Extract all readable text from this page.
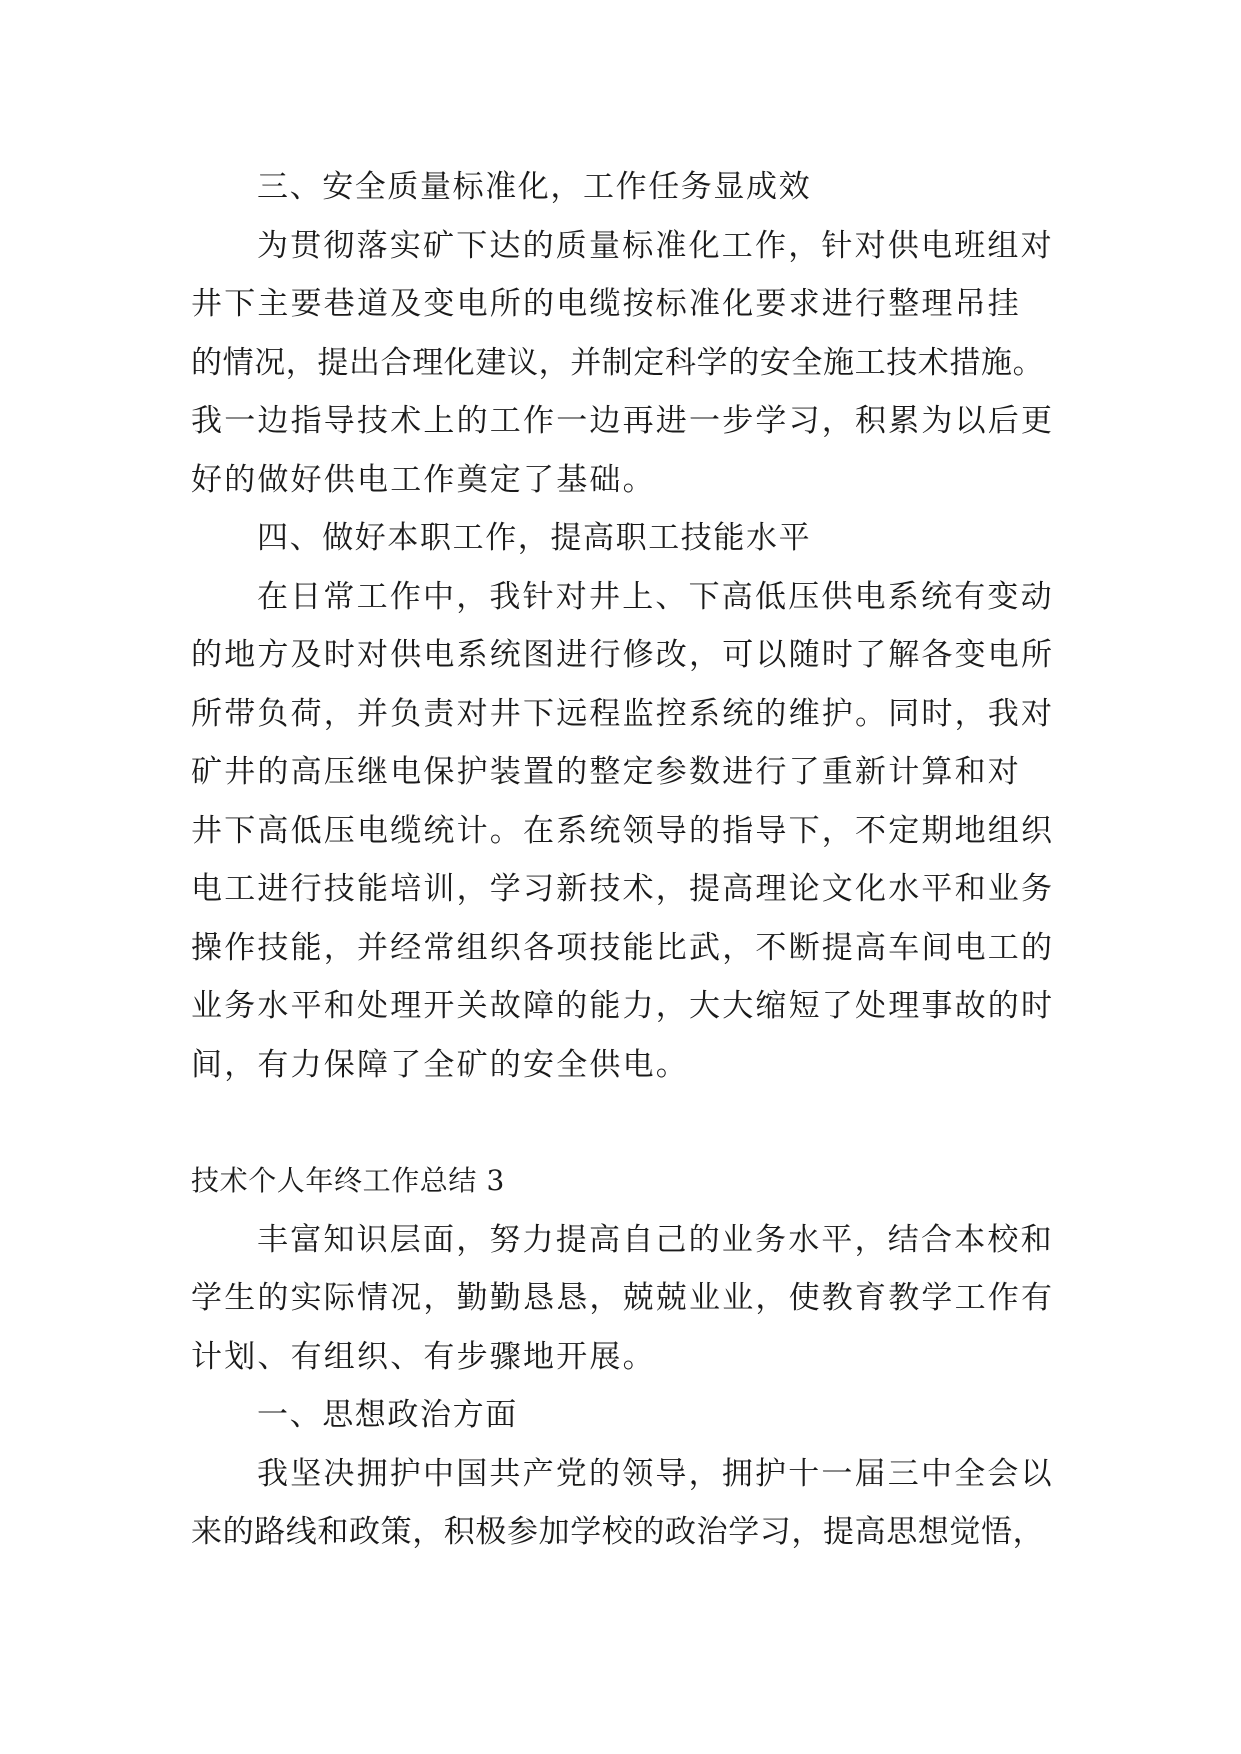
三、安全质量标准化，工作任务显成效
为贯彻落实矿下达的质量标准化工作，针对供电班组对
井下主要巷道及变电所的电缆按标准化要求进行整理吊挂
的情况，提出合理化建议，并制定科学的安全施工技术措施。
我一边指导技术上的工作一边再进一步学习，积累为以后更
好的做好供电工作奠定了基础。
四、做好本职工作，提高职工技能水平
在日常工作中，我针对井上、下高低压供电系统有变动
的地方及时对供电系统图进行修改，可以随时了解各变电所
所带负荷，并负责对井下远程监控系统的维护。同时，我对
矿井的高压继电保护装置的整定参数进行了重新计算和对
井下高低压电缆统计。在系统领导的指导下，不定期地组织
电工进行技能培训，学习新技术，提高理论文化水平和业务
操作技能，并经常组织各项技能比武，不断提高车间电工的
业务水平和处理开关故障的能力，大大缩短了处理事故的时
间，有力保障了全矿的安全供电。
技术个人年终工作总结 3
丰富知识层面，努力提高自己的业务水平，结合本校和
学生的实际情况，勤勤恳恳，兢兢业业，使教育教学工作有
计划、有组织、有步骤地开展。
一、思想政治方面
我坚决拥护中国共产党的领导，拥护十一届三中全会以
来的路线和政策，积极参加学校的政治学习，提高思想觉悟，
